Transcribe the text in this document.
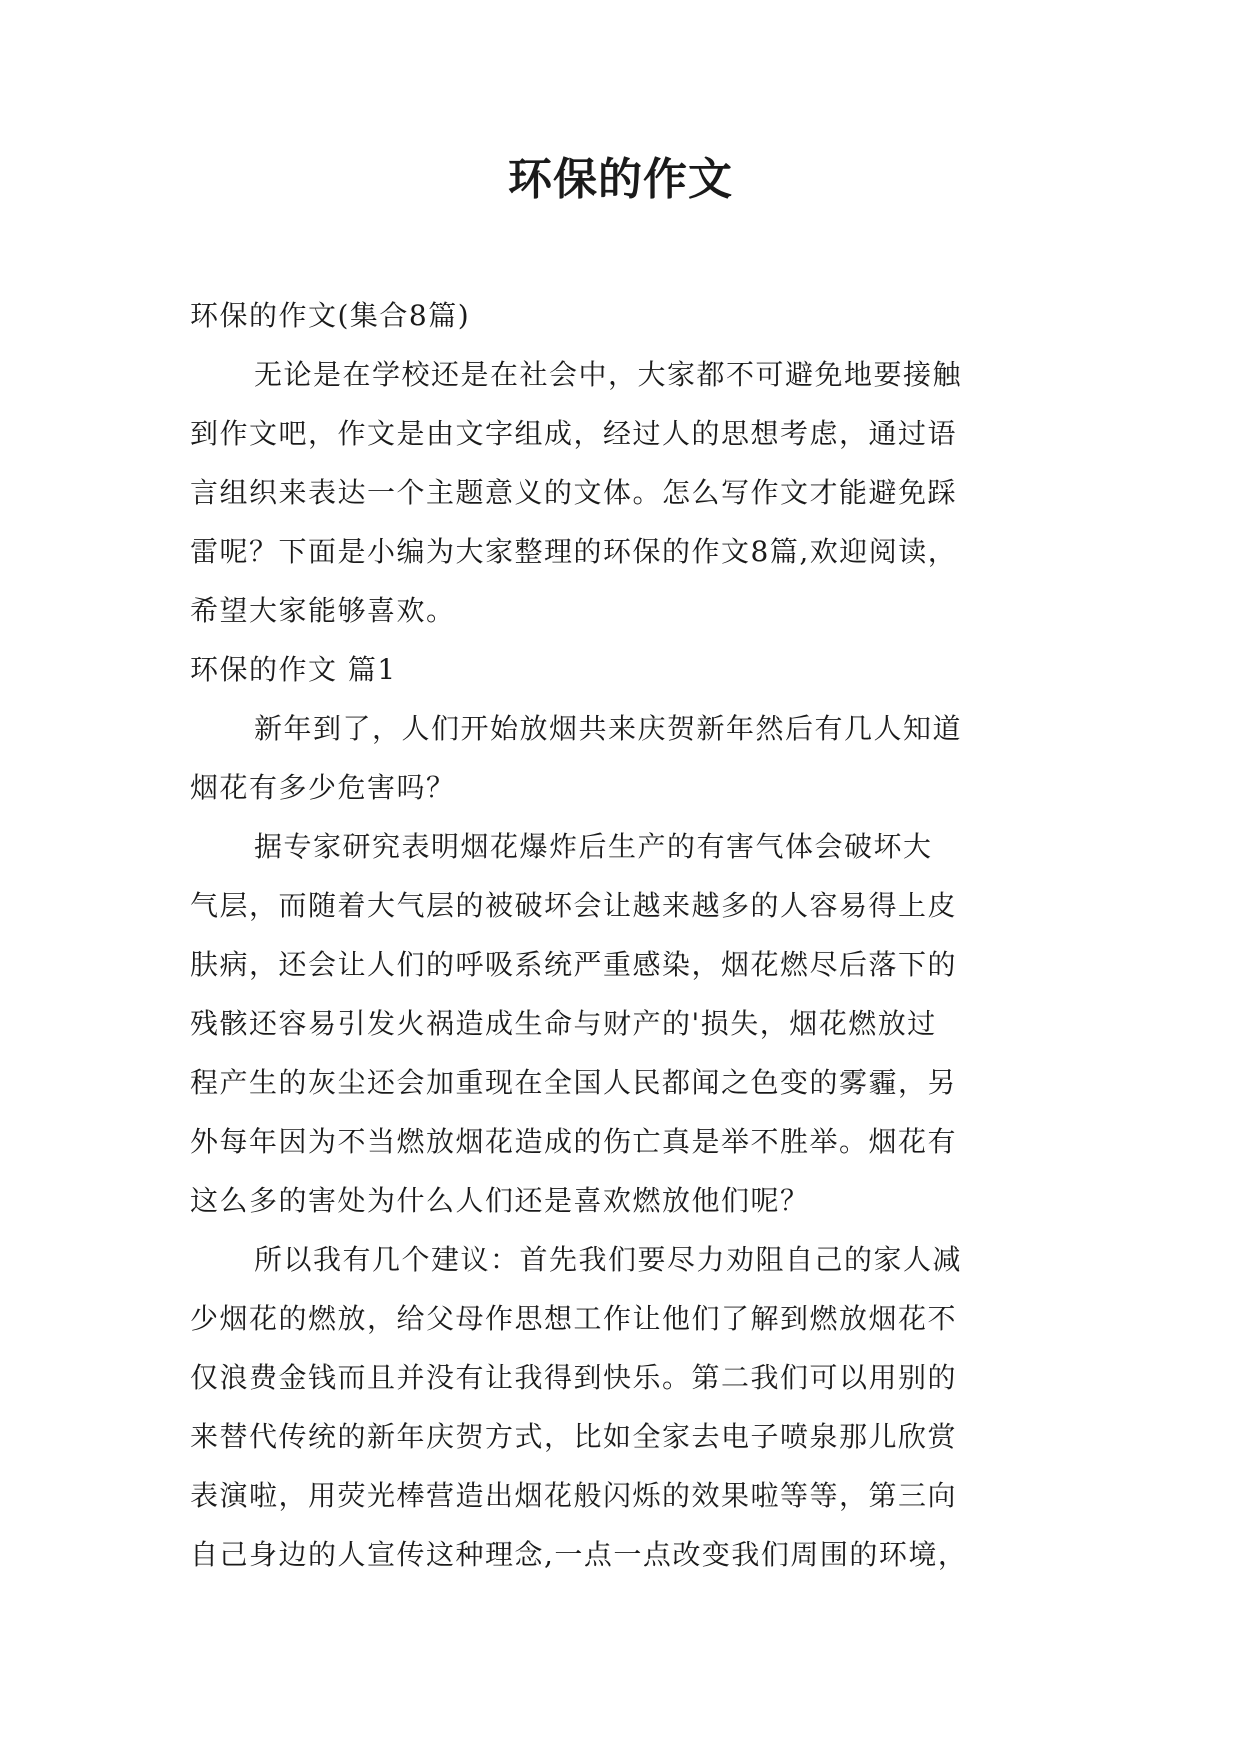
环保的作文
环保的作文(集合8篇)
无论是在学校还是在社会中，大家都不可避免地要接触
到作文吧，作文是由文字组成，经过人的思想考虑，通过语
言组织来表达一个主题意义的文体。怎么写作文才能避免踩
雷呢？下面是小编为大家整理的环保的作文8篇,欢迎阅读，
希望大家能够喜欢。
环保的作文 篇1
新年到了，人们开始放烟共来庆贺新年然后有几人知道
烟花有多少危害吗？
据专家研究表明烟花爆炸后生产的有害气体会破坏大
气层，而随着大气层的被破坏会让越来越多的人容易得上皮
肤病，还会让人们的呼吸系统严重感染，烟花燃尽后落下的
残骸还容易引发火祸造成生命与财产的'损失，烟花燃放过
程产生的灰尘还会加重现在全国人民都闻之色变的雾霾，另
外每年因为不当燃放烟花造成的伤亡真是举不胜举。烟花有
这么多的害处为什么人们还是喜欢燃放他们呢？
所以我有几个建议：首先我们要尽力劝阻自己的家人减
少烟花的燃放，给父母作思想工作让他们了解到燃放烟花不
仅浪费金钱而且并没有让我得到快乐。第二我们可以用别的
来替代传统的新年庆贺方式，比如全家去电子喷泉那儿欣赏
表演啦，用荧光棒营造出烟花般闪烁的效果啦等等，第三向
自己身边的人宣传这种理念,一点一点改变我们周围的环境，
